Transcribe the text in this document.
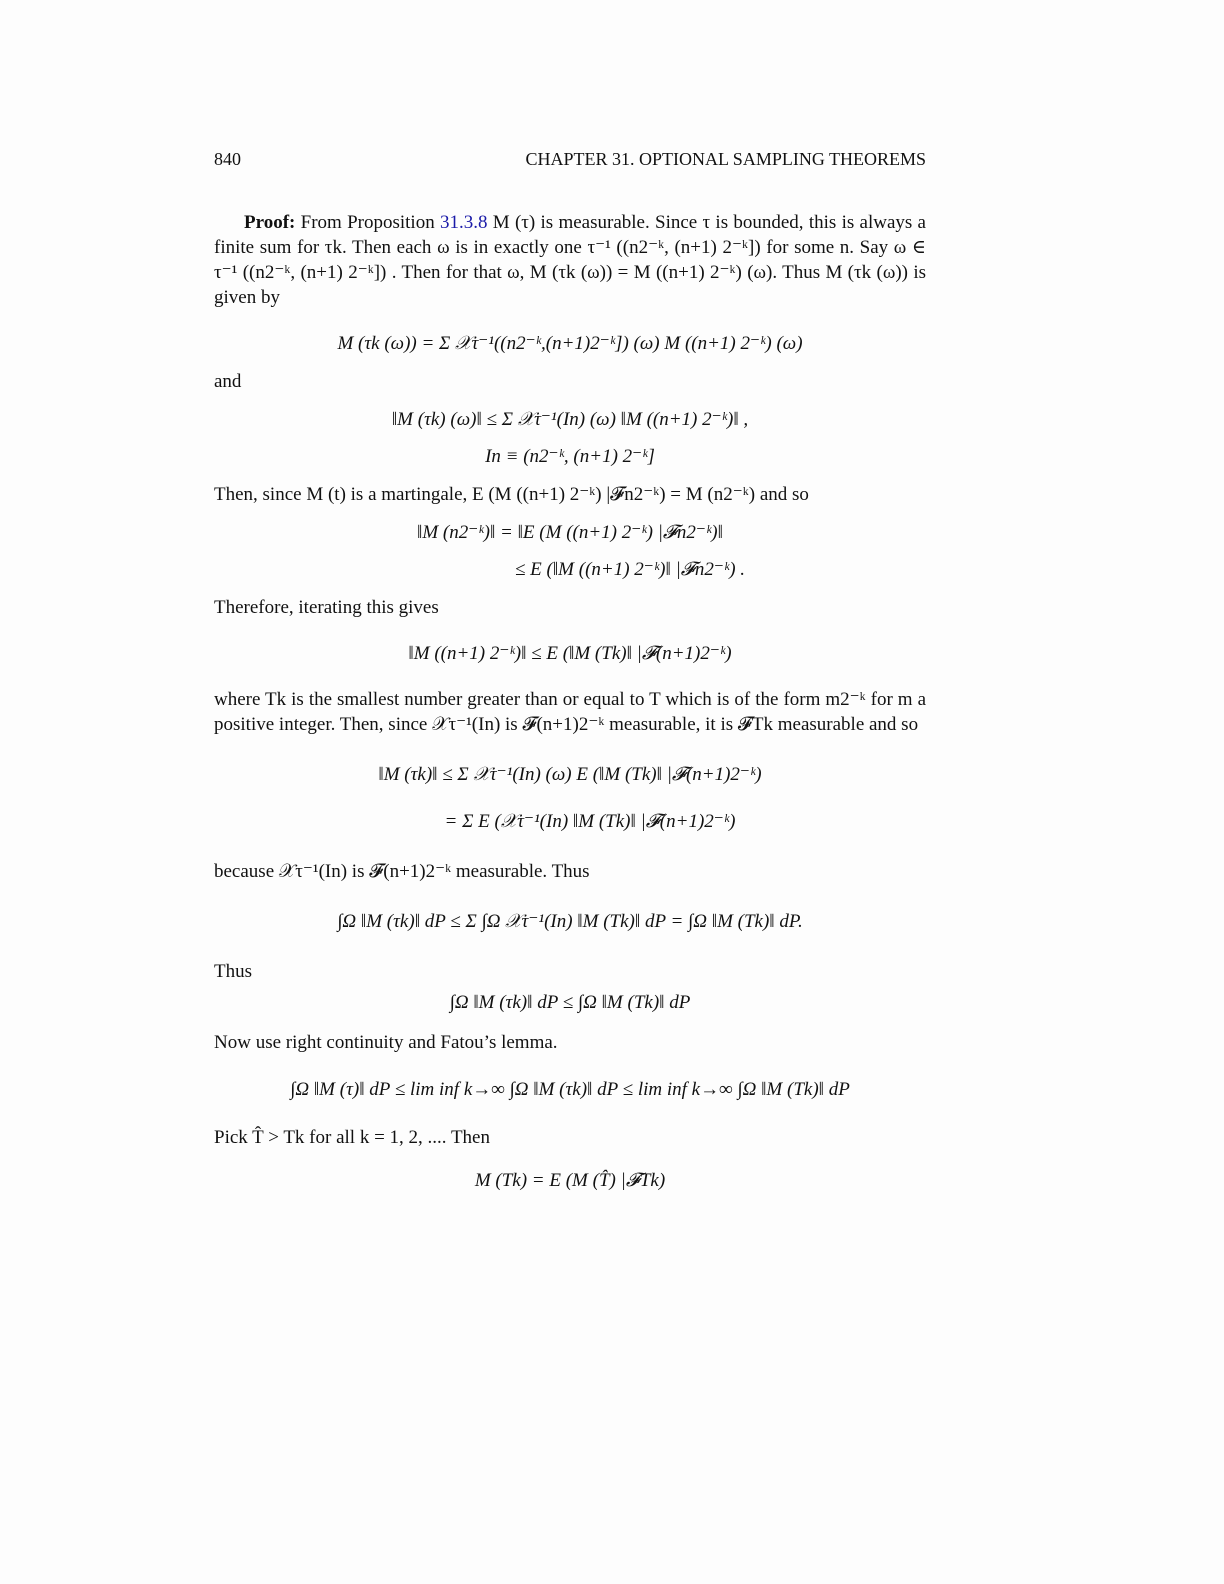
840	CHAPTER 31. OPTIONAL SAMPLING THEOREMS
Proof: From Proposition 31.3.8 M (τ) is measurable. Since τ is bounded, this is always a finite sum for τk. Then each ω is in exactly one τ⁻¹ ((n2⁻ᵏ, (n+1) 2⁻ᵏ]) for some n. Say ω ∈ τ⁻¹ ((n2⁻ᵏ, (n+1) 2⁻ᵏ]) . Then for that ω, M (τk (ω)) = M ((n+1) 2⁻ᵏ) (ω). Thus M (τk (ω)) is given by
M (τk (ω)) = Σ 𝒳τ⁻¹((n2⁻ᵏ,(n+1)2⁻ᵏ]) (ω) M ((n+1) 2⁻ᵏ) (ω)
and
‖M (τk) (ω)‖ ≤ Σ 𝒳τ⁻¹(In) (ω) ‖M ((n+1) 2⁻ᵏ)‖ ,
In ≡ (n2⁻ᵏ, (n+1) 2⁻ᵏ]
Then, since M (t) is a martingale, E (M ((n+1) 2⁻ᵏ) |𝓕n2⁻ᵏ) = M (n2⁻ᵏ) and so
‖M (n2⁻ᵏ)‖ = ‖E (M ((n+1) 2⁻ᵏ) |𝓕n2⁻ᵏ)‖
≤ E (‖M ((n+1) 2⁻ᵏ)‖ |𝓕n2⁻ᵏ) .
Therefore, iterating this gives
‖M ((n+1) 2⁻ᵏ)‖ ≤ E (‖M (Tk)‖ |𝓕(n+1)2⁻ᵏ)
where Tk is the smallest number greater than or equal to T which is of the form m2⁻ᵏ for m a positive integer. Then, since 𝒳τ⁻¹(In) is 𝓕(n+1)2⁻ᵏ measurable, it is 𝓕Tk measurable and so
‖M (τk)‖ ≤ Σ 𝒳τ⁻¹(In) (ω) E (‖M (Tk)‖ |𝓕(n+1)2⁻ᵏ)
= Σ E (𝒳τ⁻¹(In) ‖M (Tk)‖ |𝓕(n+1)2⁻ᵏ)
because 𝒳τ⁻¹(In) is 𝓕(n+1)2⁻ᵏ measurable. Thus
∫Ω ‖M (τk)‖ dP ≤ Σ ∫Ω 𝒳τ⁻¹(In) ‖M (Tk)‖ dP = ∫Ω ‖M (Tk)‖ dP.
Thus
∫Ω ‖M (τk)‖ dP ≤ ∫Ω ‖M (Tk)‖ dP
Now use right continuity and Fatou’s lemma.
∫Ω ‖M (τ)‖ dP ≤ lim inf k→∞ ∫Ω ‖M (τk)‖ dP ≤ lim inf k→∞ ∫Ω ‖M (Tk)‖ dP
Pick T̂ > Tk for all k = 1, 2, .... Then
M (Tk) = E (M (T̂) |𝓕Tk)
